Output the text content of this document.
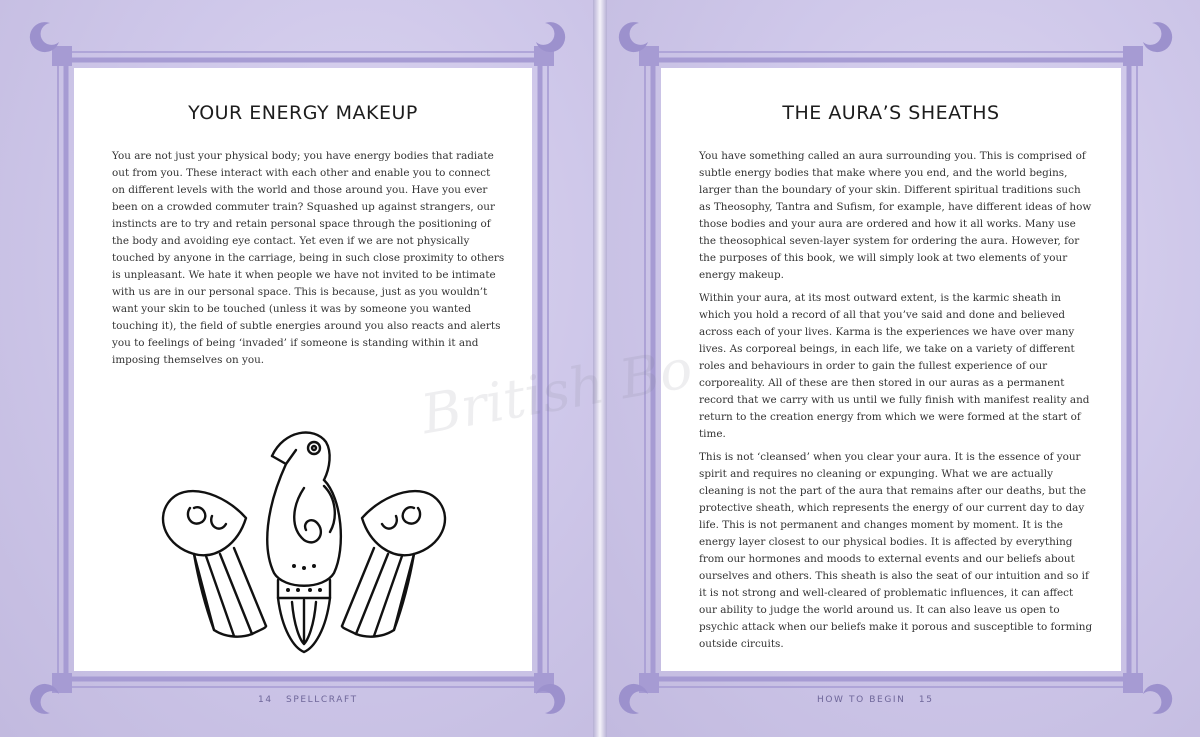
YOUR ENERGY MAKEUP

You are not just your physical body; you have energy bodies that radiate out from you. These interact with each other and enable you to connect on different levels with the world and those around you. Have you ever been on a crowded commuter train? Squashed up against strangers, our instincts are to try and retain personal space through the positioning of the body and avoiding eye contact. Yet even if we are not physically touched by anyone in the carriage, being in such close proximity to others is unpleasant. We hate it when people we have not invited to be intimate with us are in our personal space. This is because, just as you wouldn’t want your skin to be touched (unless it was by someone you wanted touching it), the field of subtle energies around you also reacts and alerts you to feelings of being ‘invaded’ if someone is standing within it and imposing themselves on you.

14 SPELLCRAFT
THE AURA’S SHEATHS

You have something called an aura surrounding you. This is comprised of subtle energy bodies that make where you end, and the world begins, larger than the boundary of your skin. Different spiritual traditions such as Theosophy, Tantra and Sufism, for example, have different ideas of how those bodies and your aura are ordered and how it all works. Many use the theosophical seven-layer system for ordering the aura. However, for the purposes of this book, we will simply look at two elements of your energy makeup.

Within your aura, at its most outward extent, is the karmic sheath in which you hold a record of all that you’ve said and done and believed across each of your lives. Karma is the experiences we have over many lives. As corporeal beings, in each life, we take on a variety of different roles and behaviours in order to gain the fullest experience of our corporeality. All of these are then stored in our auras as a permanent record that we carry with us until we fully finish with manifest reality and return to the creation energy from which we were formed at the start of time.

This is not ‘cleansed’ when you clear your aura. It is the essence of your spirit and requires no cleaning or expunging. What we are actually cleaning is not the part of the aura that remains after our deaths, but the protective sheath, which represents the energy of our current day to day life. This is not permanent and changes moment by moment. It is the energy layer closest to our physical bodies. It is affected by everything from our hormones and moods to external events and our beliefs about ourselves and others. This sheath is also the seat of our intuition and so if it is not strong and well-cleared of problematic influences, it can affect our ability to judge the world around us. It can also leave us open to psychic attack when our beliefs make it porous and susceptible to forming outside circuits.

HOW TO BEGIN 15
